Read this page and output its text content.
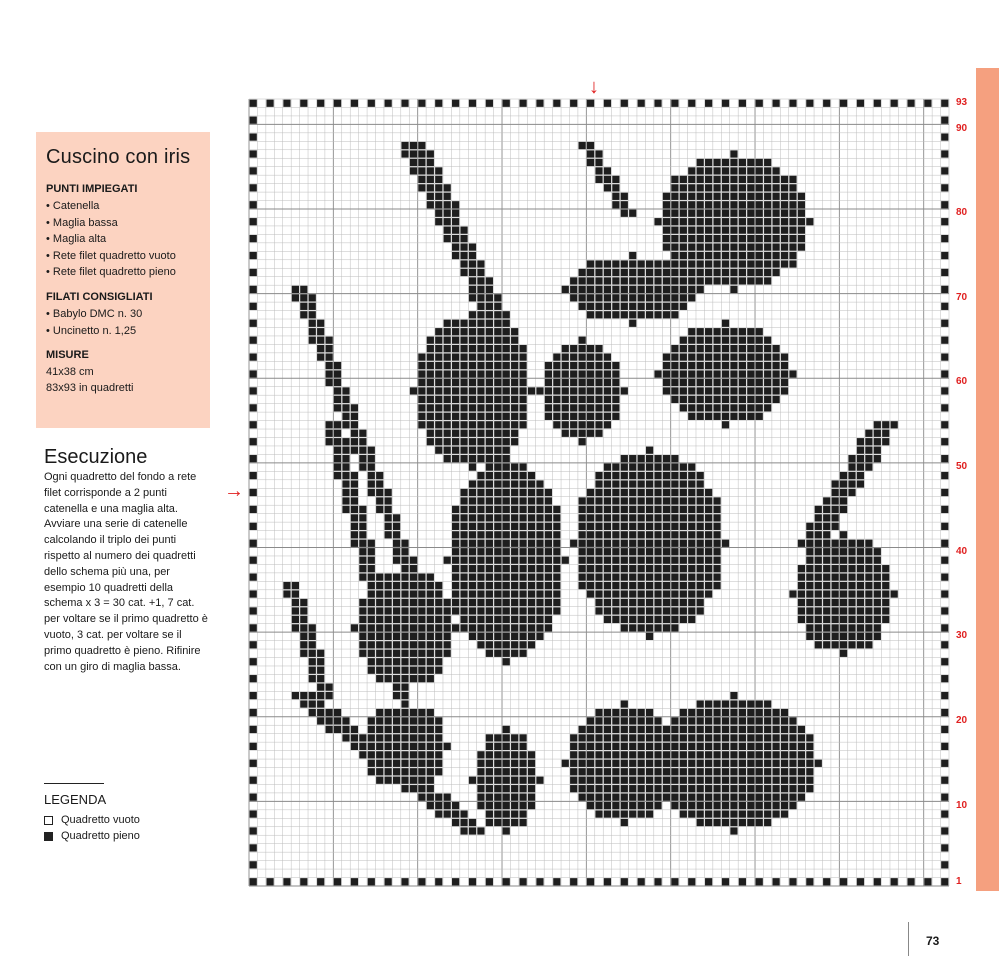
Cuscino con iris
PUNTI IMPIEGATI
• Catenella
• Maglia bassa
• Maglia alta
• Rete filet quadretto vuoto
• Rete filet quadretto pieno
FILATI CONSIGLIATI
• Babylo DMC n. 30
• Uncinetto n. 1,25
MISURE
41x38 cm
83x93 in quadretti
Esecuzione

Ogni quadretto del fondo a rete filet corrisponde a 2 punti catenella e una maglia alta. Avviare una serie di catenelle calcolando il triplo dei punti rispetto al numero dei quadretti dello schema più una, per esempio 10 quadretti della schema x 3 = 30 cat. +1, 7 cat. per voltare se il primo quadretto è vuoto, 3 cat. per voltare se il primo quadretto è pieno. Rifinire con un giro di maglia bassa.

LEGENDA
Quadretto vuoto
Quadretto pieno
↓
→
93
90
80
70
60
50
40
30
20
10
1
73
